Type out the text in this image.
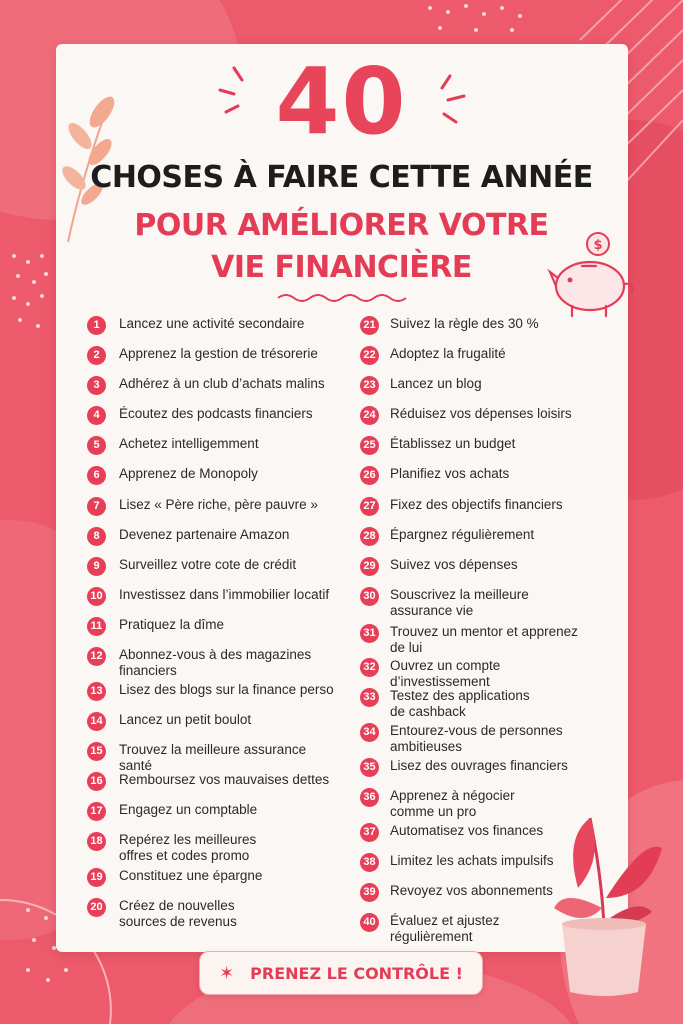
40
CHOSES À FAIRE CETTE ANNÉE
POUR AMÉLIORER VOTRE
VIE FINANCIÈRE
$
1	Lancez une activité secondaire
2	Apprenez la gestion de trésorerie
3	Adhérez à un club d’achats malins
4	Écoutez des podcasts financiers
5	Achetez intelligemment
6	Apprenez de Monopoly
7	Lisez « Père riche, père pauvre »
8	Devenez partenaire Amazon
9	Surveillez votre cote de crédit
10 Investissez dans l’immobilier locatif
11 Pratiquez la dîme
12 Abonnez-vous à des magazines
financiers
13 Lisez des blogs sur la finance perso
14 Lancez un petit boulot
15 Trouvez la meilleure assurance santé
16 Remboursez vos mauvaises dettes
17 Engagez un comptable
18 Repérez les meilleures
offres et codes promo
19 Constituez une épargne
20 Créez de nouvelles
sources de revenus
21 Suivez la règle des 30 %
22 Adoptez la frugalité
23 Lancez un blog
24 Réduisez vos dépenses loisirs
25 Établissez un budget
26 Planifiez vos achats
27 Fixez des objectifs financiers
28 Épargnez régulièrement
29 Suivez vos dépenses
30 Souscrivez la meilleure
assurance vie
31 Trouvez un mentor et apprenez
de lui
32 Ouvrez un compte d’investissement
33 Testez des applications
de cashback
34 Entourez-vous de personnes
ambitieuses
35 Lisez des ouvrages financiers
36 Apprenez à négocier
comme un pro
37 Automatisez vos finances
38 Limitez les achats impulsifs
39 Revoyez vos abonnements
40 Évaluez et ajustez
régulièrement
✶ PRENEZ LE CONTRÔLE !
